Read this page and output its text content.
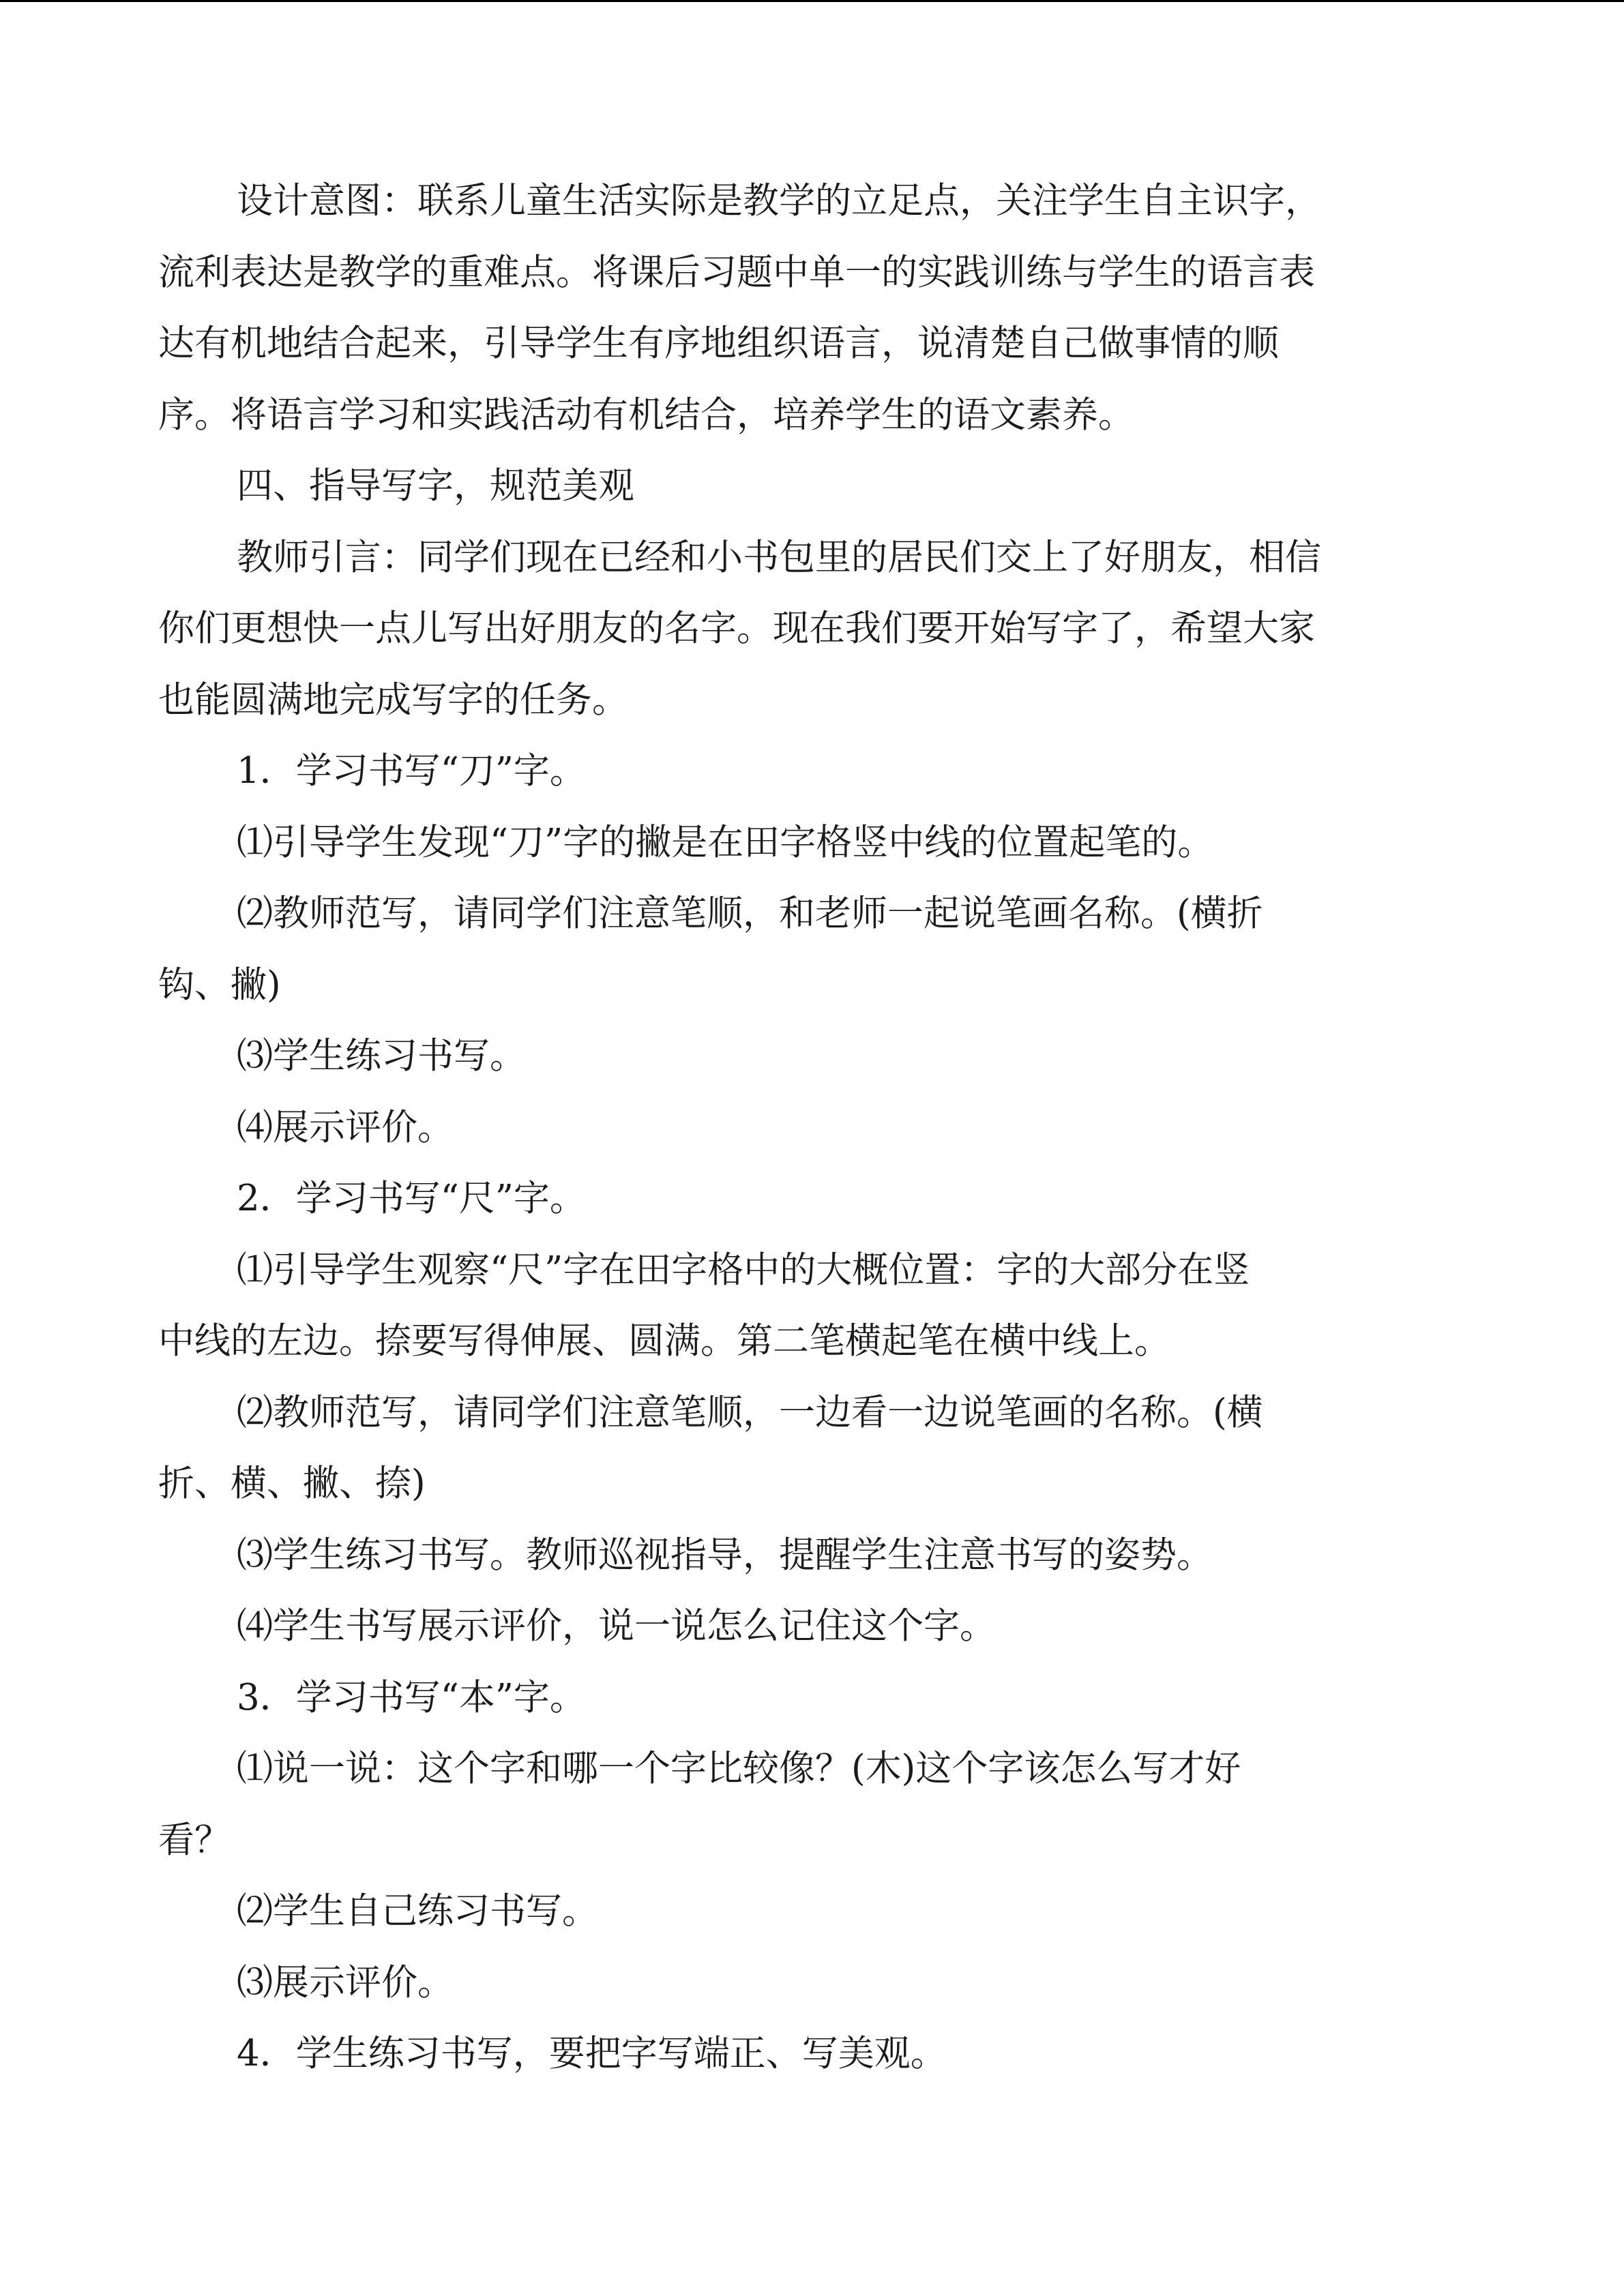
设计意图：联系儿童生活实际是教学的立足点，关注学生自主识字，
流利表达是教学的重难点。将课后习题中单一的实践训练与学生的语言表
达有机地结合起来，引导学生有序地组织语言，说清楚自己做事情的顺
序。将语言学习和实践活动有机结合，培养学生的语文素养。
四、指导写字，规范美观
教师引言：同学们现在已经和小书包里的居民们交上了好朋友，相信
你们更想快一点儿写出好朋友的名字。现在我们要开始写字了，希望大家
也能圆满地完成写字的任务。
1．学习书写“刀”字。
⑴引导学生发现“刀”字的撇是在田字格竖中线的位置起笔的。
⑵教师范写，请同学们注意笔顺，和老师一起说笔画名称。(横折
钩、撇)
⑶学生练习书写。
⑷展示评价。
2．学习书写“尺”字。
⑴引导学生观察“尺”字在田字格中的大概位置：字的大部分在竖
中线的左边。捺要写得伸展、圆满。第二笔横起笔在横中线上。
⑵教师范写，请同学们注意笔顺，一边看一边说笔画的名称。(横
折、横、撇、捺)
⑶学生练习书写。教师巡视指导，提醒学生注意书写的姿势。
⑷学生书写展示评价，说一说怎么记住这个字。
3．学习书写“本”字。
⑴说一说：这个字和哪一个字比较像？(木)这个字该怎么写才好
看？
⑵学生自己练习书写。
⑶展示评价。
4．学生练习书写，要把字写端正、写美观。
